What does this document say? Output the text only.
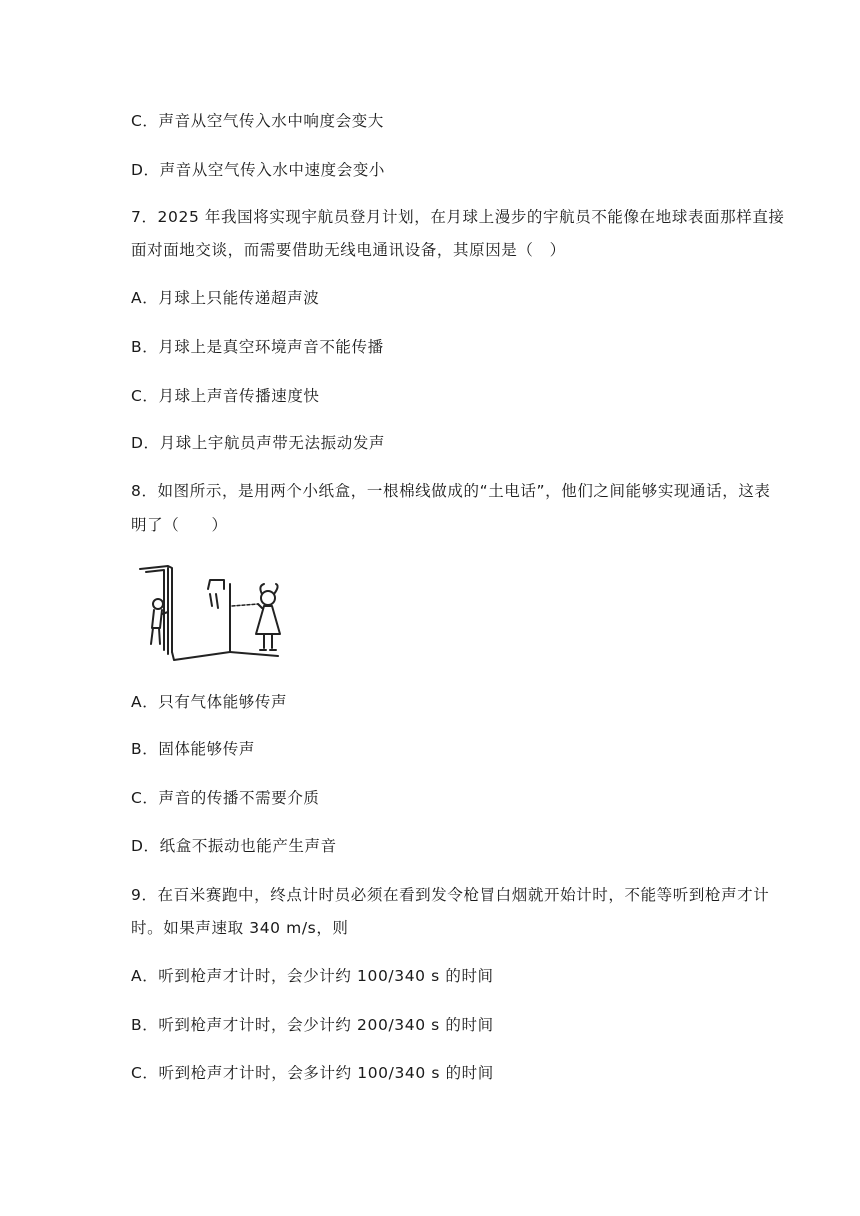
C．声音从空气传入水中响度会变大
D．声音从空气传入水中速度会变小
7．2025 年我国将实现宇航员登月计划，在月球上漫步的宇航员不能像在地球表面那样直接
面对面地交谈，而需要借助无线电通讯设备，其原因是（　）
A．月球上只能传递超声波
B．月球上是真空环境声音不能传播
C．月球上声音传播速度快
D．月球上宇航员声带无法振动发声
8．如图所示，是用两个小纸盒，一根棉线做成的“土电话”，他们之间能够实现通话，这表
明了（　　）
A．只有气体能够传声
B．固体能够传声
C．声音的传播不需要介质
D．纸盒不振动也能产生声音
9．在百米赛跑中，终点计时员必须在看到发令枪冒白烟就开始计时，不能等听到枪声才计
时。如果声速取 340 m/s，则
A．听到枪声才计时，会少计约 100/340 s 的时间
B．听到枪声才计时，会少计约 200/340 s 的时间
C．听到枪声才计时，会多计约 100/340 s 的时间
